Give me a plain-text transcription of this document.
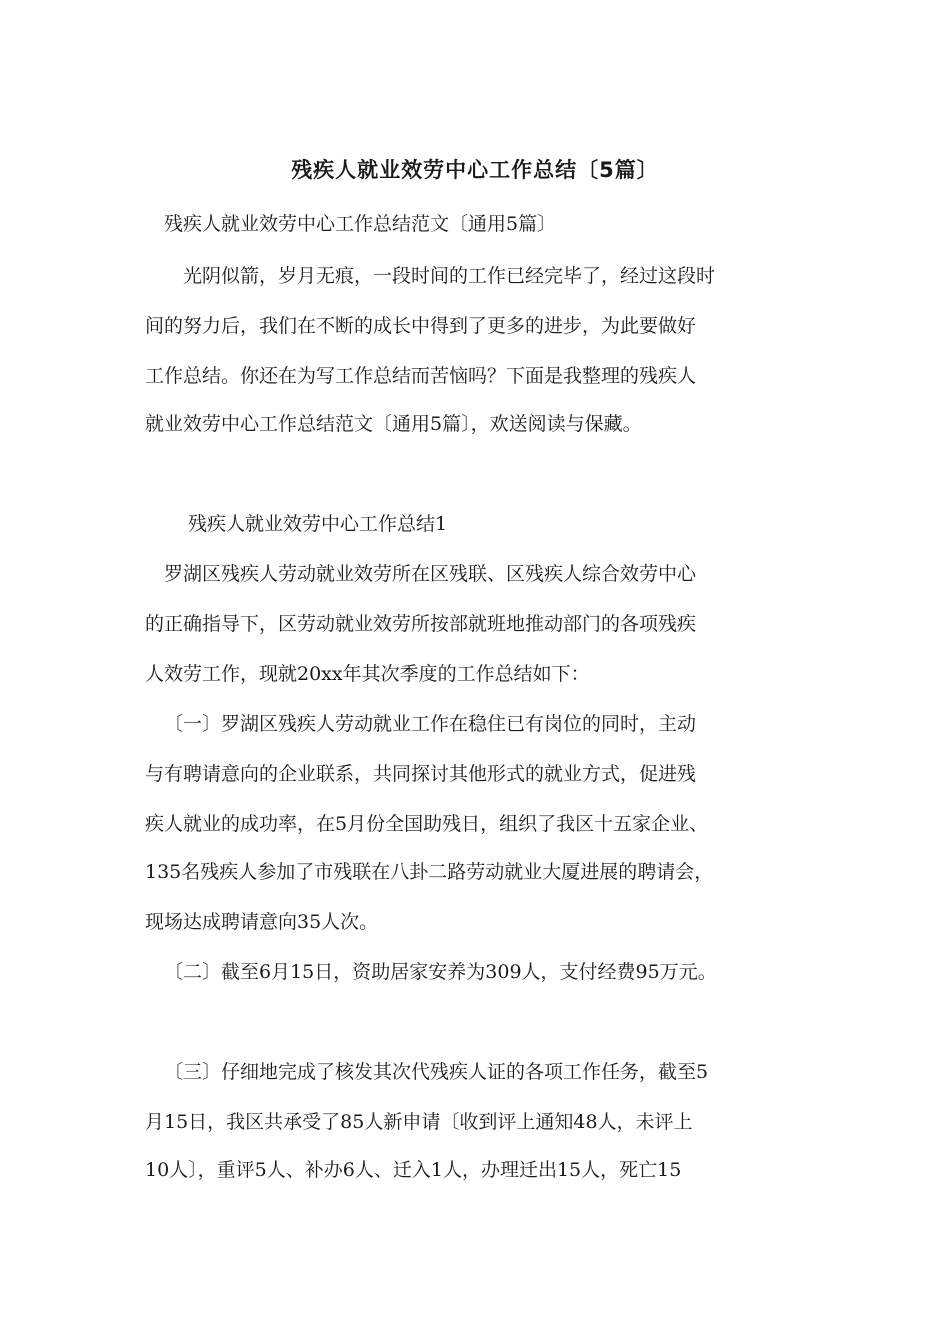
残疾人就业效劳中心工作总结〔5篇〕

残疾人就业效劳中心工作总结范文〔通用5篇〕

光阴似箭，岁月无痕，一段时间的工作已经完毕了，经过这段时

间的努力后，我们在不断的成长中得到了更多的进步，为此要做好

工作总结。你还在为写工作总结而苦恼吗？下面是我整理的残疾人

就业效劳中心工作总结范文〔通用5篇〕，欢送阅读与保藏。

残疾人就业效劳中心工作总结1

罗湖区残疾人劳动就业效劳所在区残联、区残疾人综合效劳中心

的正确指导下，区劳动就业效劳所按部就班地推动部门的各项残疾

人效劳工作，现就20xx年其次季度的工作总结如下：

〔一〕罗湖区残疾人劳动就业工作在稳住已有岗位的同时，主动

与有聘请意向的企业联系，共同探讨其他形式的就业方式，促进残

疾人就业的成功率，在5月份全国助残日，组织了我区十五家企业、

135名残疾人参加了市残联在八卦二路劳动就业大厦进展的聘请会，

现场达成聘请意向35人次。

〔二〕截至6月15日，资助居家安养为309人，支付经费95万元。

〔三〕仔细地完成了核发其次代残疾人证的各项工作任务，截至5

月15日，我区共承受了85人新申请〔收到评上通知48人，未评上

10人〕，重评5人、补办6人、迁入1人，办理迁出15人，死亡15
